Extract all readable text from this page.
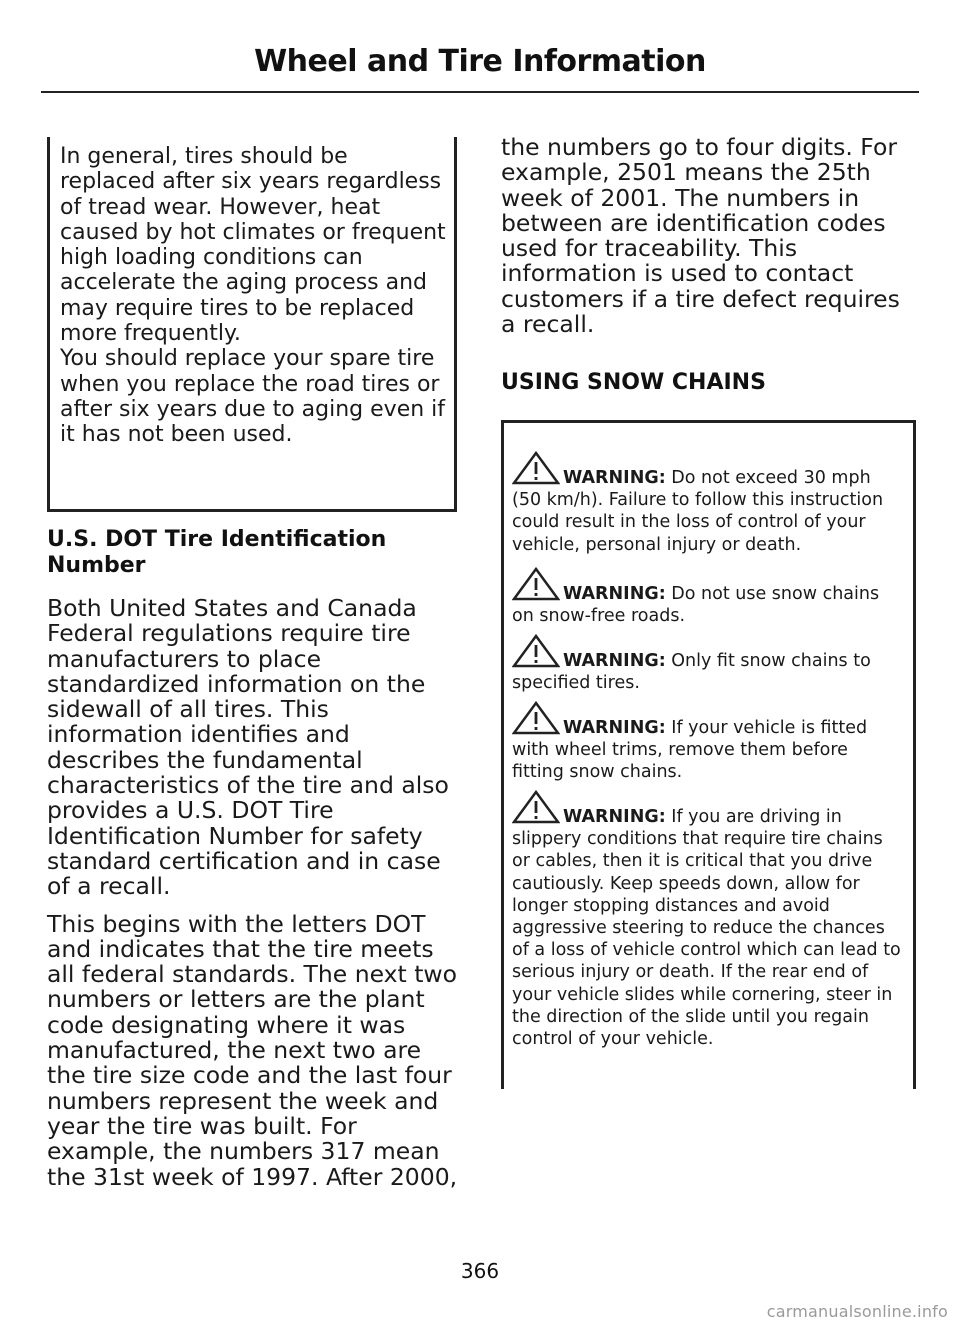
Wheel and Tire Information

In general, tires should be replaced after six years regardless of tread wear. However, heat caused by hot climates or frequent high loading conditions can accelerate the aging process and may require tires to be replaced more frequently.

You should replace your spare tire when you replace the road tires or after six years due to aging even if it has not been used.

U.S. DOT Tire Identification Number

Both United States and Canada Federal regulations require tire manufacturers to place standardized information on the sidewall of all tires. This information identifies and describes the fundamental characteristics of the tire and also provides a U.S. DOT Tire Identification Number for safety standard certification and in case of a recall.

This begins with the letters DOT and indicates that the tire meets all federal standards. The next two numbers or letters are the plant code designating where it was manufactured, the next two are the tire size code and the last four numbers represent the week and year the tire was built. For example, the numbers 317 mean the 31st week of 1997. After 2000,

the numbers go to four digits. For example, 2501 means the 25th week of 2001. The numbers in between are identification codes used for traceability. This information is used to contact customers if a tire defect requires a recall.

USING SNOW CHAINS
WARNING: Do not exceed 30 mph (50 km/h). Failure to follow this instruction could result in the loss of control of your vehicle, personal injury or death.
WARNING: Do not use snow chains on snow-free roads.
WARNING: Only fit snow chains to specified tires.
WARNING: If your vehicle is fitted with wheel trims, remove them before fitting snow chains.
WARNING: If you are driving in slippery conditions that require tire chains or cables, then it is critical that you drive cautiously. Keep speeds down, allow for longer stopping distances and avoid aggressive steering to reduce the chances of a loss of vehicle control which can lead to serious injury or death. If the rear end of your vehicle slides while cornering, steer in the direction of the slide until you regain control of your vehicle.
366
carmanualsonline.info
